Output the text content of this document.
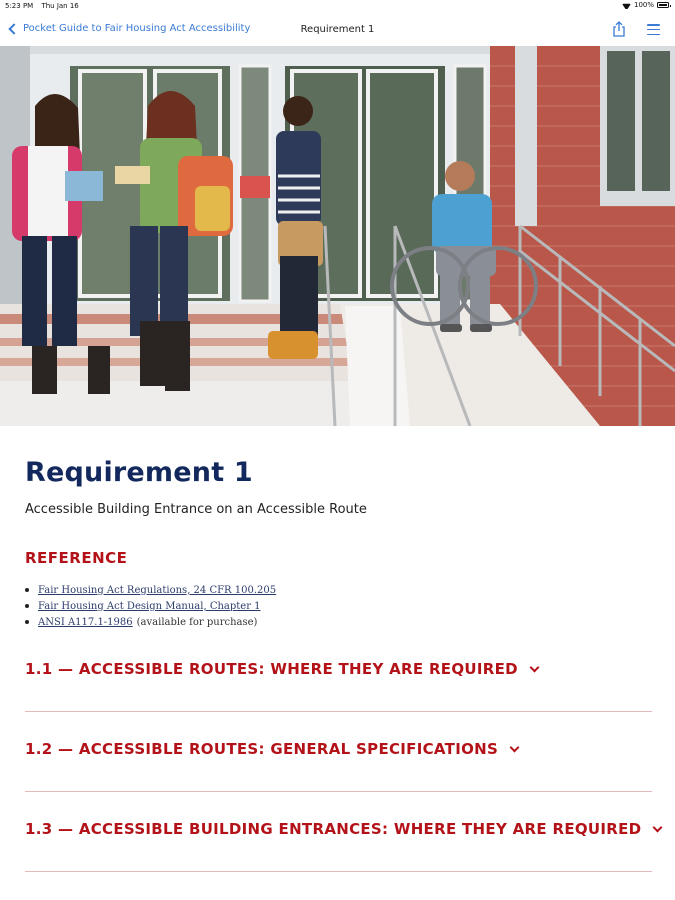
5:23 PM Thu Jan 16	100%
Pocket Guide to Fair Housing Act Accessibility	Requirement 1
Requirement 1

Accessible Building Entrance on an Accessible Route

REFERENCE
Fair Housing Act Regulations, 24 CFR 100.205
Fair Housing Act Design Manual, Chapter 1
ANSI A117.1-1986 (available for purchase)
1.1 — ACCESSIBLE ROUTES: WHERE THEY ARE REQUIRED
1.2 — ACCESSIBLE ROUTES: GENERAL SPECIFICATIONS
1.3 — ACCESSIBLE BUILDING ENTRANCES: WHERE THEY ARE REQUIRED
